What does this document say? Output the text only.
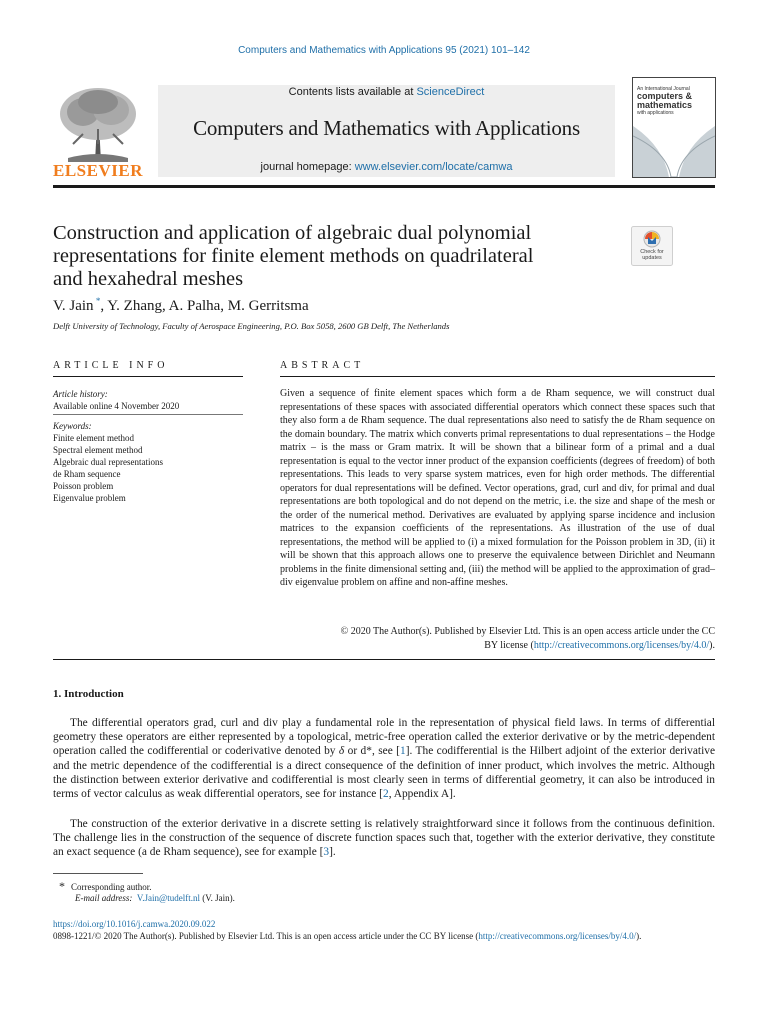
Computers and Mathematics with Applications 95 (2021) 101–142
ELSEVIER
Contents lists available at ScienceDirect
Computers and Mathematics with Applications
journal homepage: www.elsevier.com/locate/camwa
An International Journal
computers &
mathematics
with applications
Construction and application of algebraic dual polynomial
representations for finite element methods on quadrilateral
and hexahedral meshes
Check for
updates
V. Jain *, Y. Zhang, A. Palha, M. Gerritsma
Delft University of Technology, Faculty of Aerospace Engineering, P.O. Box 5058, 2600 GB Delft, The Netherlands
ARTICLE INFO
Article history:
Available online 4 November 2020
Keywords:
Finite element method
Spectral element method
Algebraic dual representations
de Rham sequence
Poisson problem
Eigenvalue problem
ABSTRACT
Given a sequence of finite element spaces which form a de Rham sequence, we will construct dual representations of these spaces with associated differential operators which connect these spaces such that they also form a de Rham sequence. The dual representations also need to satisfy the de Rham sequence on the domain boundary. The matrix which converts primal representations to dual representations – the Hodge matrix – is the mass or Gram matrix. It will be shown that a bilinear form of a primal and a dual representation is equal to the vector inner product of the expansion coefficients (degrees of freedom) of both representations. This leads to very sparse system matrices, even for high order methods. The differential operators for dual representations will be defined. Vector operations, grad, curl and div, for primal and dual representations are both topological and do not depend on the metric, i.e. the size and shape of the mesh or the order of the numerical method. Derivatives are evaluated by applying sparse incidence and inclusion matrices to the expansion coefficients of the representations. As illustration of the use of dual representations, the method will be applied to (i) a mixed formulation for the Poisson problem in 3D, (ii) it will be shown that this approach allows one to preserve the equivalence between Dirichlet and Neumann problems in the finite dimensional setting and, (iii) the method will be applied to the approximation of grad–div eigenvalue problem on affine and non-affine meshes.
© 2020 The Author(s). Published by Elsevier Ltd. This is an open access article under the CC
BY license (http://creativecommons.org/licenses/by/4.0/).
1. Introduction
The differential operators grad, curl and div play a fundamental role in the representation of physical field laws. In terms of differential geometry these operators are either represented by a topological, metric-free operation called the exterior derivative or by the metric-dependent operation called the codifferential or coderivative denoted by δ or d*, see [1]. The codifferential is the Hilbert adjoint of the exterior derivative and the metric dependence of the codifferential is a direct consequence of the definition of inner product, which involves the metric. Although the distinction between exterior derivative and codifferential is most clearly seen in terms of differential geometry, it can also be introduced in terms of vector calculus as weak differential operators, see for instance [2, Appendix A].
The construction of the exterior derivative in a discrete setting is relatively straightforward since it follows from the continuous definition. The challenge lies in the construction of the sequence of discrete function spaces such that, together with the exterior derivative, they constitute an exact sequence (a de Rham sequence), see for example [3].
* Corresponding author.
E-mail address: V.Jain@tudelft.nl (V. Jain).
https://doi.org/10.1016/j.camwa.2020.09.022
0898-1221/© 2020 The Author(s). Published by Elsevier Ltd. This is an open access article under the CC BY license (http://creativecommons.org/licenses/by/4.0/).
